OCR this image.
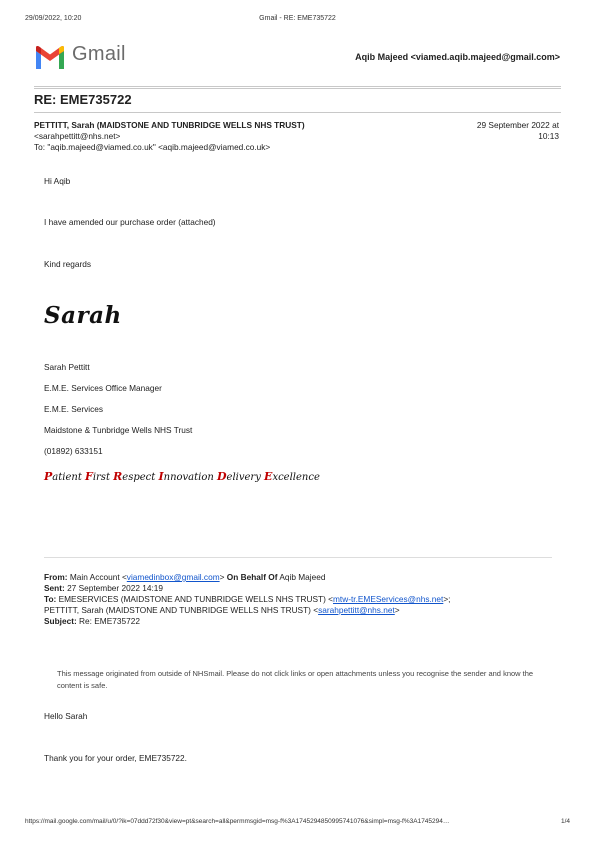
29/09/2022, 10:20	Gmail - RE: EME735722
Gmail	Aqib Majeed <viamed.aqib.majeed@gmail.com>
RE: EME735722
PETTITT, Sarah (MAIDSTONE AND TUNBRIDGE WELLS NHS TRUST)
<sarahpettitt@nhs.net>
To: "aqib.majeed@viamed.co.uk" <aqib.majeed@viamed.co.uk>
29 September 2022 at
10:13
Hi Aqib
I have amended our purchase order (attached)
Kind regards
Sarah
Sarah Pettitt
E.M.E. Services Office Manager
E.M.E. Services
Maidstone & Tunbridge Wells NHS Trust
(01892) 633151
Patient First Respect Innovation Delivery Excellence
From: Main Account <viamedinbox@gmail.com> On Behalf Of Aqib Majeed
Sent: 27 September 2022 14:19
To: EMESERVICES (MAIDSTONE AND TUNBRIDGE WELLS NHS TRUST) <mtw-tr.EMEServices@nhs.net>;
PETTITT, Sarah (MAIDSTONE AND TUNBRIDGE WELLS NHS TRUST) <sarahpettitt@nhs.net>
Subject: Re: EME735722
This message originated from outside of NHSmail. Please do not click links or open attachments unless you recognise the sender and know the content is safe.
Hello Sarah
Thank you for your order, EME735722.
https://mail.google.com/mail/u/0/?ik=07ddd72f30&view=pt&search=all&permmsgid=msg-f%3A1745294850995741076&simpl=msg-f%3A1745294…	1/4
